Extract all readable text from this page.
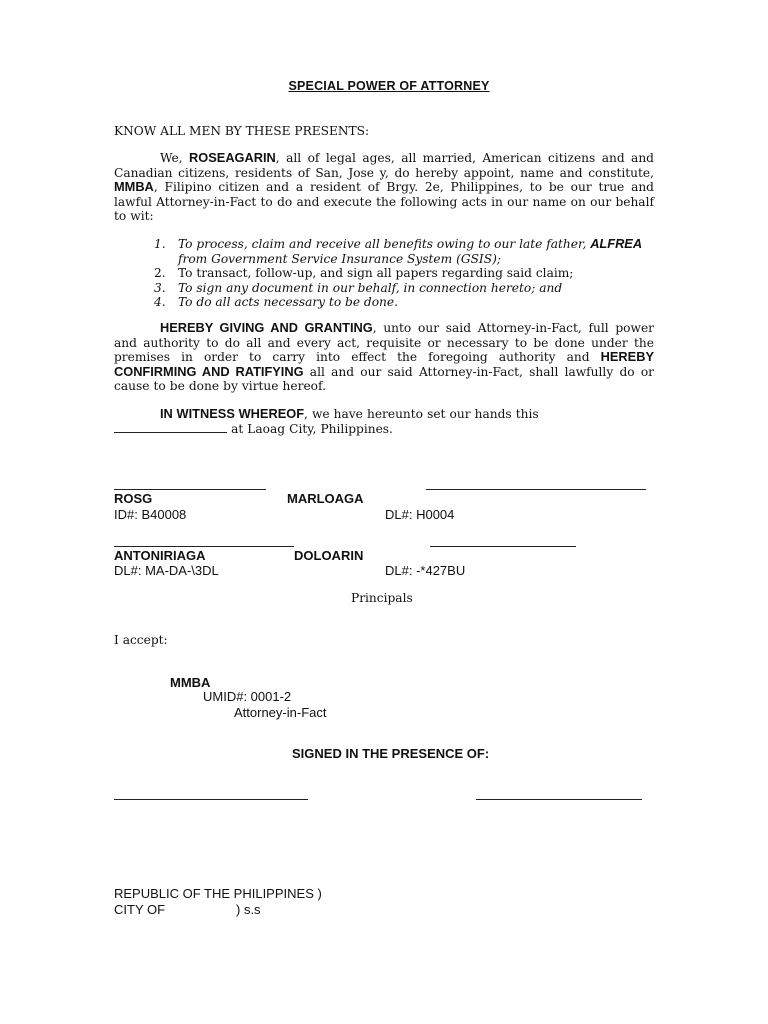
SPECIAL POWER OF ATTORNEY
KNOW ALL MEN BY THESE PRESENTS:
We, ROSEAGARIN, all of legal ages, all married, American citizens and and Canadian citizens, residents of San, Jose y, do hereby appoint, name and constitute, MMBA, Filipino citizen and a resident of Brgy. 2e, Philippines, to be our true and lawful Attorney-in-Fact to do and execute the following acts in our name on our behalf to wit:
1. To process, claim and receive all benefits owing to our late father, ALFREA from Government Service Insurance System (GSIS);
2. To transact, follow-up, and sign all papers regarding said claim;
3. To sign any document in our behalf, in connection hereto; and
4. To do all acts necessary to be done.
HEREBY GIVING AND GRANTING, unto our said Attorney-in-Fact, full power and authority to do all and every act, requisite or necessary to be done under the premises in order to carry into effect the foregoing authority and HEREBY CONFIRMING AND RATIFYING all and our said Attorney-in-Fact, shall lawfully do or cause to be done by virtue hereof.
IN WITNESS WHEREOF, we have hereunto set our hands this
at Laoag City, Philippines.
ROSG	MARLOAGA
ID#: B40008	DL#: H0004
ANTONIRIAGA	DOLOARIN
DL#: MA-DA-\3DL	DL#: -*427BU
Principals
I accept:
MMBA
UMID#: 0001-2
Attorney-in-Fact
SIGNED IN THE PRESENCE OF:
REPUBLIC OF THE PHILIPPINES )
CITY OF	) s.s
